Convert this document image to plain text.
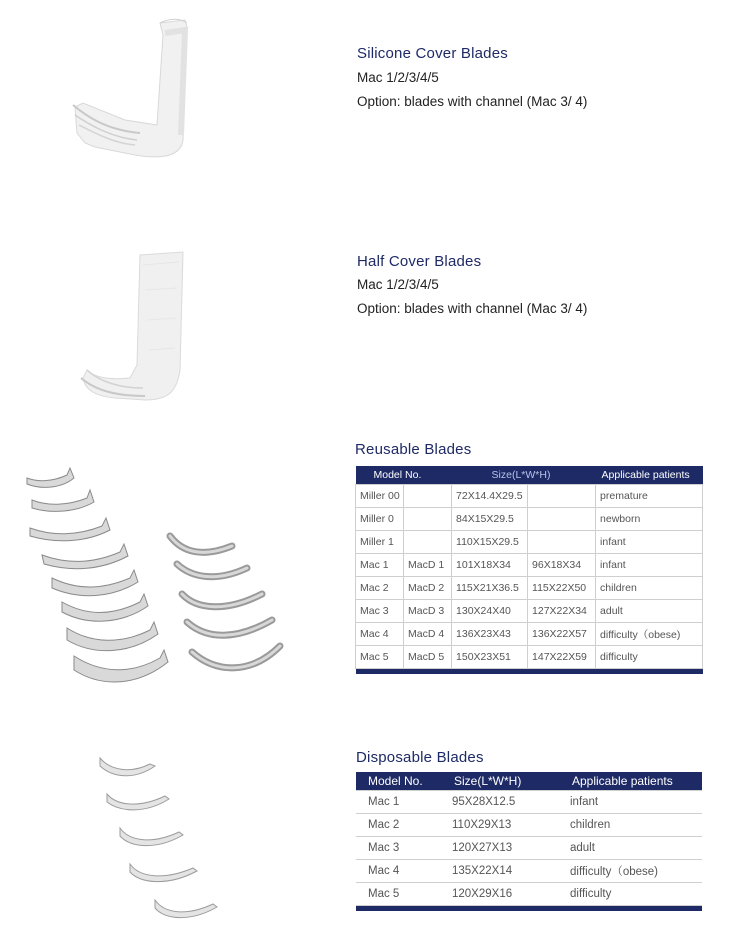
Silicone Cover Blades
Mac 1/2/3/4/5
Option: blades with channel (Mac 3/ 4)
Half Cover Blades
Mac 1/2/3/4/5
Option: blades with channel (Mac 3/ 4)
Reusable Blades
Model No.		Size(L*W*H)		Applicable patients
Miller 00		72X14.4X29.5		premature
Miller 0		84X15X29.5		newborn
Miller 1		110X15X29.5		infant
Mac 1	MacD 1	101X18X34	96X18X34	infant
Mac 2	MacD 2	115X21X36.5	115X22X50	children
Mac 3	MacD 3	130X24X40	127X22X34	adult
Mac 4	MacD 4	136X23X43	136X22X57	difficulty（obese)
Mac 5	MacD 5	150X23X51	147X22X59	difficulty

Disposable Blades
Model No.	Size(L*W*H)	Applicable patients
Mac 1	95X28X12.5	infant
Mac 2	110X29X13	children
Mac 3	120X27X13	adult
Mac 4	135X22X14	difficulty（obese)
Mac 5	120X29X16	difficulty
